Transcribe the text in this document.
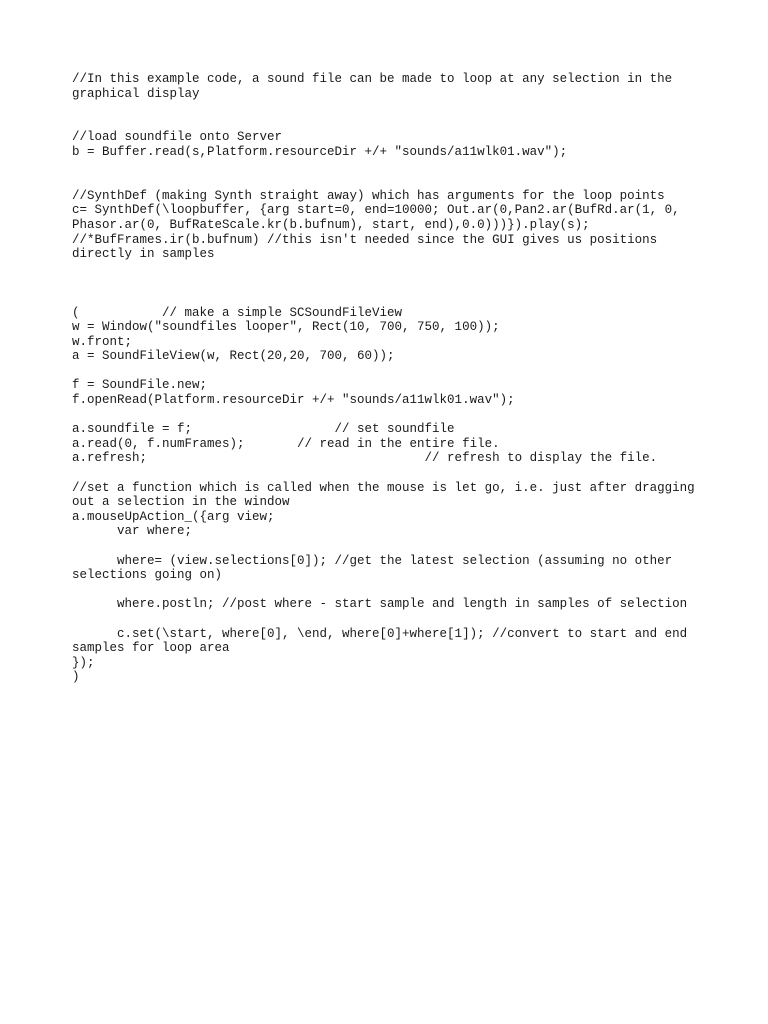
//In this example code, a sound file can be made to loop at any selection in the
graphical display
//load soundfile onto Server
b = Buffer.read(s,Platform.resourceDir +/+ "sounds/a11wlk01.wav");
//SynthDef (making Synth straight away) which has arguments for the loop points
c= SynthDef(\loopbuffer, {arg start=0, end=10000; Out.ar(0,Pan2.ar(BufRd.ar(1, 0,
Phasor.ar(0, BufRateScale.kr(b.bufnum), start, end),0.0)))}).play(s);
//*BufFrames.ir(b.bufnum) //this isn't needed since the GUI gives us positions
directly in samples
(           // make a simple SCSoundFileView
w = Window("soundfiles looper", Rect(10, 700, 750, 100));
w.front;
a = SoundFileView(w, Rect(20,20, 700, 60));
f = SoundFile.new;
f.openRead(Platform.resourceDir +/+ "sounds/a11wlk01.wav");
a.soundfile = f;                   // set soundfile
a.read(0, f.numFrames);       // read in the entire file.
a.refresh;                                     // refresh to display the file.
//set a function which is called when the mouse is let go, i.e. just after dragging
out a selection in the window
a.mouseUpAction_({arg view;
var where;
where= (view.selections[0]); //get the latest selection (assuming no other
selections going on)
where.postln; //post where - start sample and length in samples of selection
c.set(\start, where[0], \end, where[0]+where[1]); //convert to start and end
samples for loop area
});
)
